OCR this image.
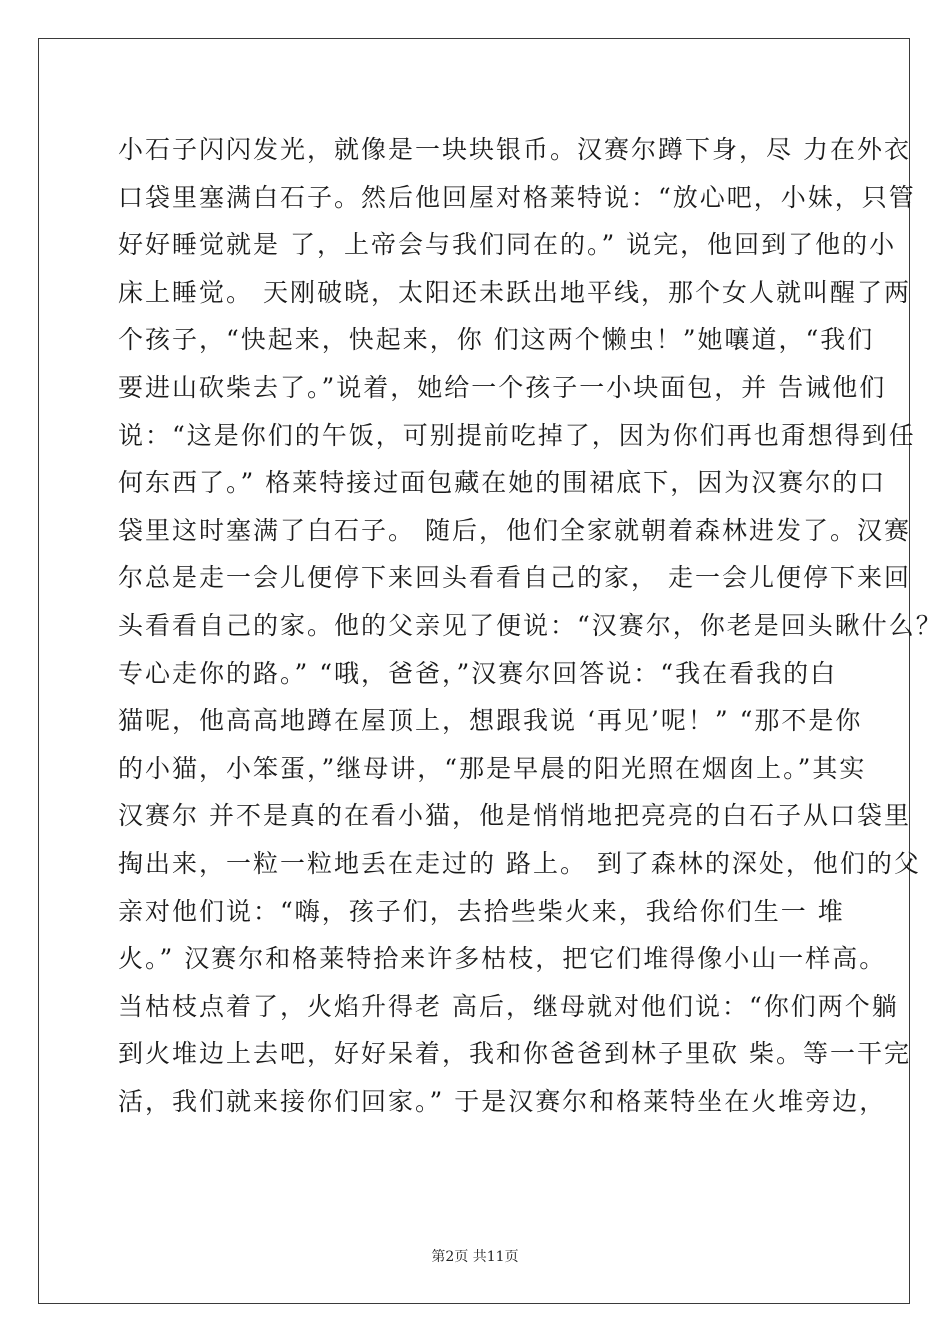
小石子闪闪发光，就像是一块块银币。汉赛尔蹲下身，尽 力在外衣
口袋里塞满白石子。然后他回屋对格莱特说：“放心吧，小妹，只管
好好睡觉就是 了，上帝会与我们同在的。” 说完，他回到了他的小
床上睡觉。 天刚破晓，太阳还未跃出地平线，那个女人就叫醒了两
个孩子，“快起来，快起来，你 们这两个懒虫！”她嚷道，“我们
要进山砍柴去了。”说着，她给一个孩子一小块面包，并 告诫他们
说：“这是你们的午饭，可别提前吃掉了，因为你们再也甭想得到任
何东西了。” 格莱特接过面包藏在她的围裙底下，因为汉赛尔的口
袋里这时塞满了白石子。 随后，他们全家就朝着森林进发了。汉赛
尔总是走一会儿便停下来回头看看自己的家， 走一会儿便停下来回
头看看自己的家。他的父亲见了便说：“汉赛尔，你老是回头瞅什么？
专心走你的路。” “哦，爸爸，”汉赛尔回答说：“我在看我的白
猫呢，他高高地蹲在屋顶上，想跟我说 ‘再见’呢！” “那不是你
的小猫，小笨蛋，”继母讲，“那是早晨的阳光照在烟囱上。”其实
汉赛尔 并不是真的在看小猫，他是悄悄地把亮亮的白石子从口袋里
掏出来，一粒一粒地丢在走过的 路上。 到了森林的深处，他们的父
亲对他们说：“嗨，孩子们，去拾些柴火来，我给你们生一 堆
火。” 汉赛尔和格莱特拾来许多枯枝，把它们堆得像小山一样高。
当枯枝点着了，火焰升得老 高后，继母就对他们说：“你们两个躺
到火堆边上去吧，好好呆着，我和你爸爸到林子里砍 柴。等一干完
活，我们就来接你们回家。” 于是汉赛尔和格莱特坐在火堆旁边，
第2页 共11页
